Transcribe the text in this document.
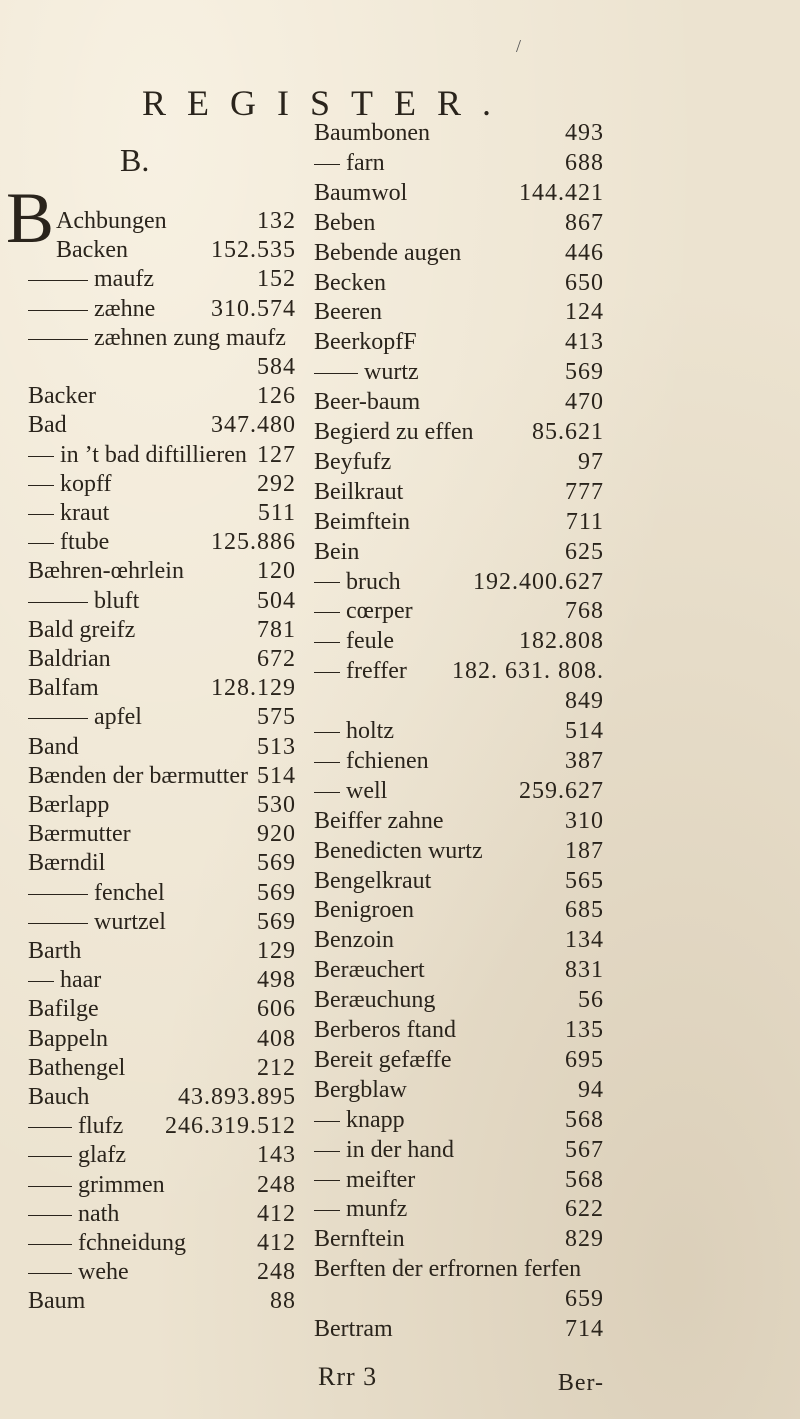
/
REGISTER.
B.
B Achbungen	132
Backen	152.535
maufz	152
zæhne 310.574
zæhnen zung maufz
584
Backer	126
Bad	347.480
in ’t bad diftillieren 127
kopff	292
kraut	511
ftube	125.886
Bæhren-œhrlein	120
bluft	504
Bald greifz	781
Baldrian	672
Balfam	128.129
apfel	575
Band	513
Bænden der bærmutter 514
Bærlapp	530
Bærmutter	920
Bærndil	569
fenchel	569
wurtzel	569
Barth	129
haar	498
Bafilge	606
Bappeln	408
Bathengel	212
Bauch	43.893.895
flufz 246.319.512
glafz	143
grimmen	248
nath	412
fchneidung	412
wehe	248
Baum	88
Baumbonen	493
farn	688
Baumwol	144.421
Beben	867
Bebende augen	446
Becken	650
Beeren	124
BeerkopfF	413
wurtz	569
Beer-baum	470
Begierd zu effen 85.621
Beyfufz	97
Beilkraut	777
Beimftein	711
Bein	625
bruch	192.400.627
cœrper	768
feule	182.808
freffer 182. 631. 808.
849
holtz	514
fchienen	387
well	259.627
Beiffer zahne	310
Benedicten wurtz	187
Bengelkraut	565
Benigroen	685
Benzoin	134
Beræuchert	831
Beræuchung	56
Berberos ftand	135
Bereit gefæffe	695
Bergblaw	94
knapp	568
in der hand	567
meifter	568
munfz	622
Bernftein	829
Berften der erfrornen ferfen
659
Bertram	714
Rrr 3	Ber-
